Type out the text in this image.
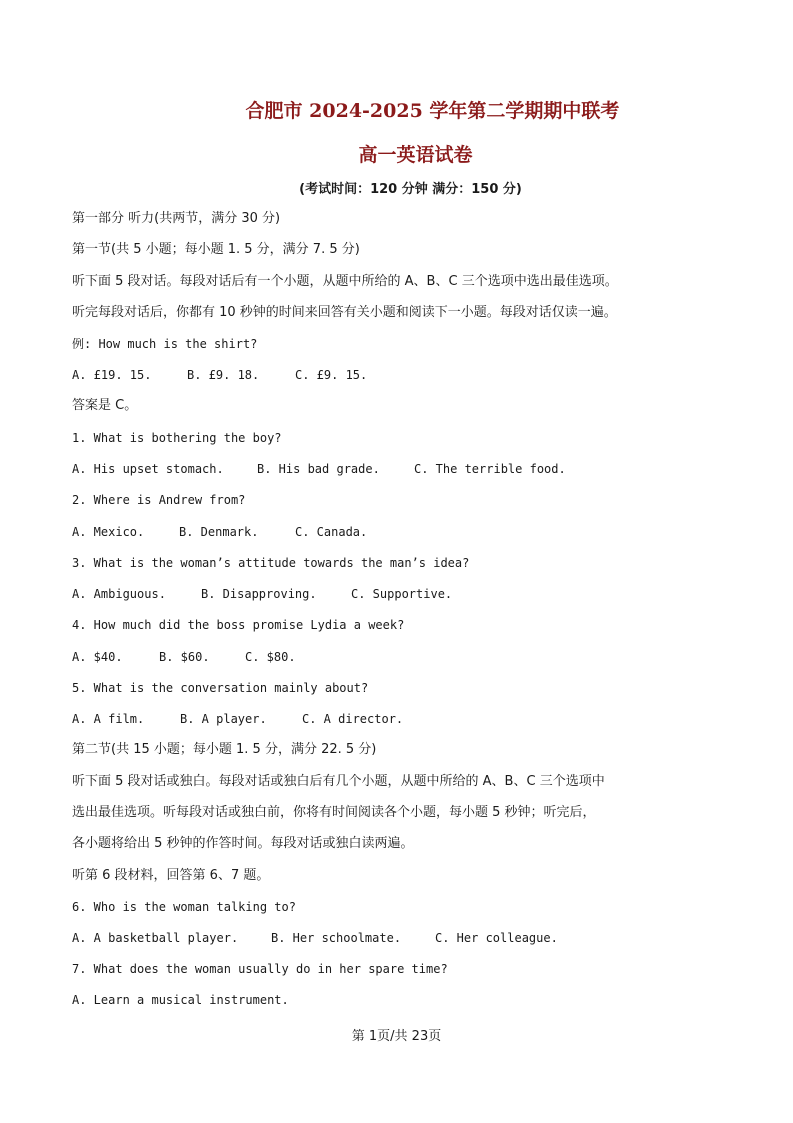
合肥市 2024-2025 学年第二学期期中联考
高一英语试卷
(考试时间：120 分钟 满分：150 分)
第一部分 听力(共两节，满分 30 分)
第一节(共 5 小题；每小题 1. 5 分，满分 7. 5 分)
听下面 5 段对话。每段对话后有一个小题，从题中所给的 A、B、C 三个选项中选出最佳选项。
听完每段对话后，你都有 10 秒钟的时间来回答有关小题和阅读下一小题。每段对话仅读一遍。
例: How much is the shirt?
A. £19. 15.	B. £9. 18.	C. £9. 15.
答案是 C。
1. What is bothering the boy?
A. His upset stomach.	B. His bad grade.	C. The terrible food.
2. Where is Andrew from?
A. Mexico.	B. Denmark.	C. Canada.
3. What is the woman’s attitude towards the man’s idea?
A. Ambiguous.	B. Disapproving.	C. Supportive.
4. How much did the boss promise Lydia a week?
A. $40.	B. $60.	C. $80.
5. What is the conversation mainly about?
A. A film.	B. A player.	C. A director.
第二节(共 15 小题；每小题 1. 5 分，满分 22. 5 分)
听下面 5 段对话或独白。每段对话或独白后有几个小题，从题中所给的 A、B、C 三个选项中
选出最佳选项。听每段对话或独白前，你将有时间阅读各个小题，每小题 5 秒钟；听完后，
各小题将给出 5 秒钟的作答时间。每段对话或独白读两遍。
听第 6 段材料，回答第 6、7 题。
6. Who is the woman talking to?
A. A basketball player.	B. Her schoolmate.	C. Her colleague.
7. What does the woman usually do in her spare time?
A. Learn a musical instrument.
第 1页/共 23页
